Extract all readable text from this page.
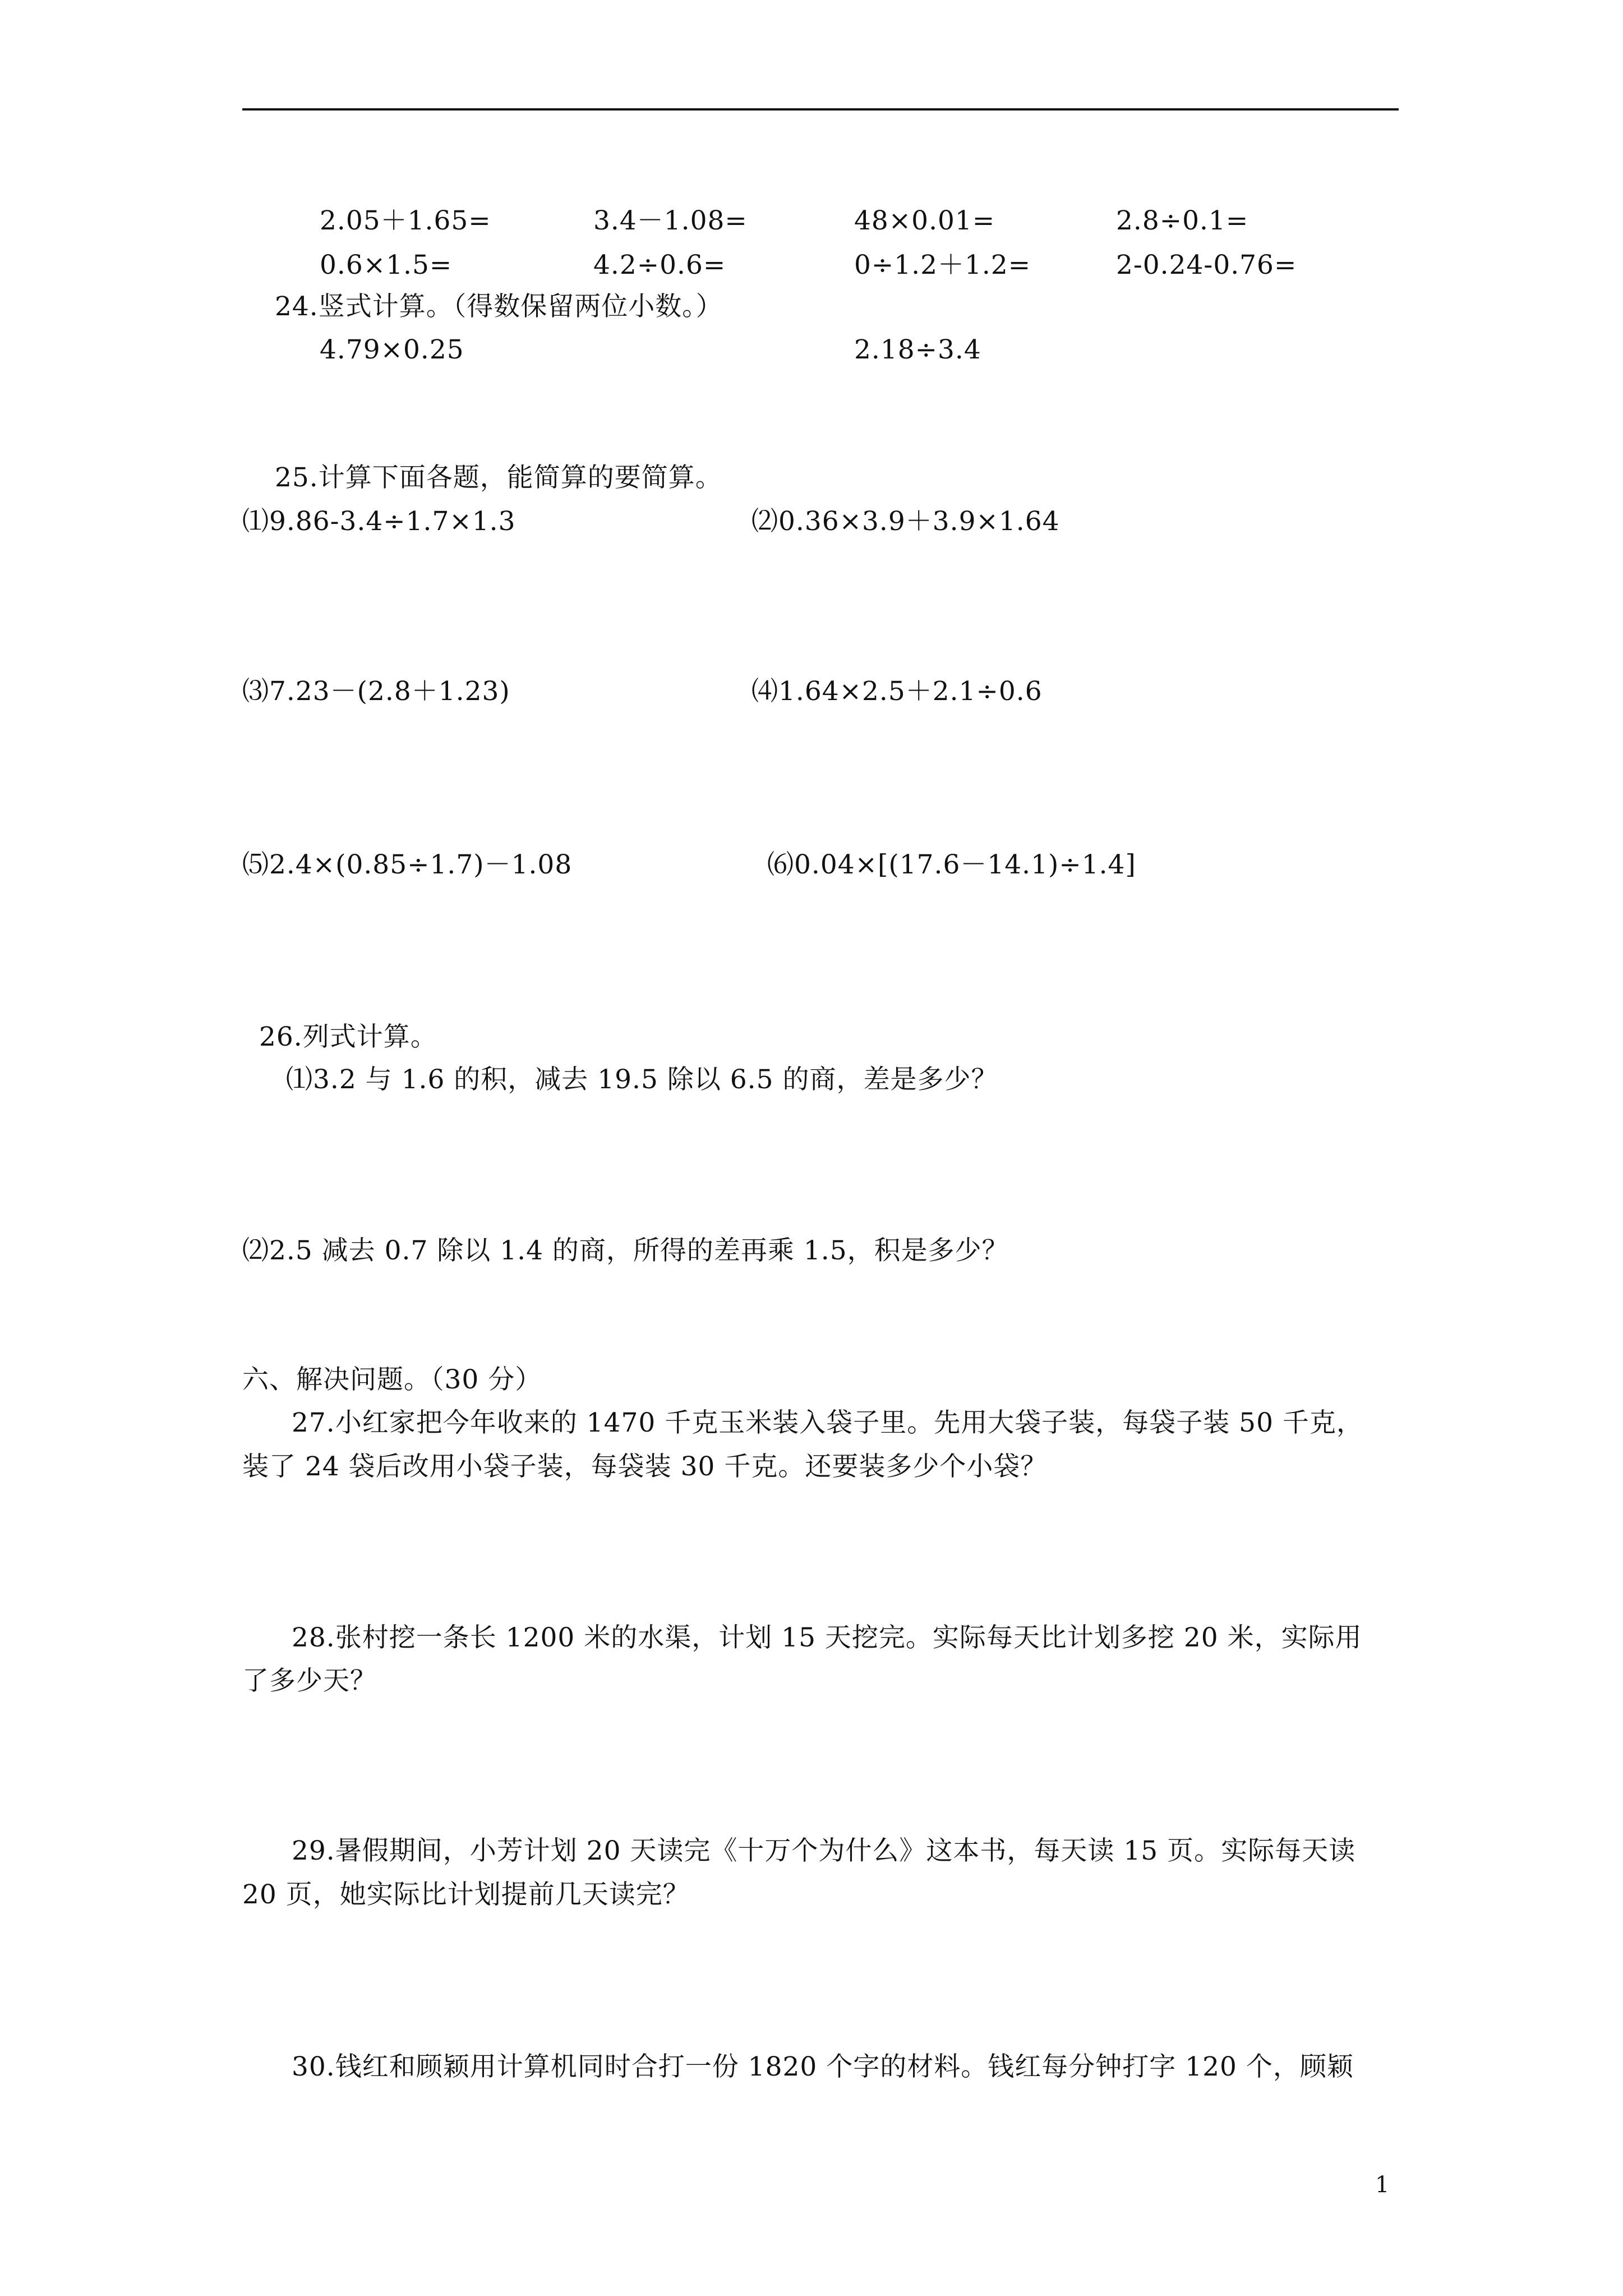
2.05＋1.65=	3.4－1.08=	48×0.01=	2.8÷0.1=
0.6×1.5=	4.2÷0.6=	0÷1.2＋1.2=	2-0.24-0.76=
24.竖式计算。（得数保留两位小数。）
4.79×0.25	2.18÷3.4
25.计算下面各题，能简算的要简算。
⑴9.86-3.4÷1.7×1.3	⑵0.36×3.9＋3.9×1.64
⑶7.23－(2.8＋1.23)	⑷1.64×2.5＋2.1÷0.6
⑸2.4×(0.85÷1.7)－1.08	⑹0.04×[(17.6－14.1)÷1.4]
26.列式计算。
⑴3.2 与 1.6 的积，减去 19.5 除以 6.5 的商，差是多少？
⑵2.5 减去 0.7 除以 1.4 的商，所得的差再乘 1.5，积是多少？
六、解决问题。（30 分）
27.小红家把今年收来的 1470 千克玉米装入袋子里。先用大袋子装，每袋子装 50 千克，
装了 24 袋后改用小袋子装，每袋装 30 千克。还要装多少个小袋？
28.张村挖一条长 1200 米的水渠，计划 15 天挖完。实际每天比计划多挖 20 米，实际用
了多少天？
29.暑假期间，小芳计划 20 天读完《十万个为什么》这本书，每天读 15 页。实际每天读
20 页，她实际比计划提前几天读完？
30.钱红和顾颖用计算机同时合打一份 1820 个字的材料。钱红每分钟打字 120 个，顾颖
1
